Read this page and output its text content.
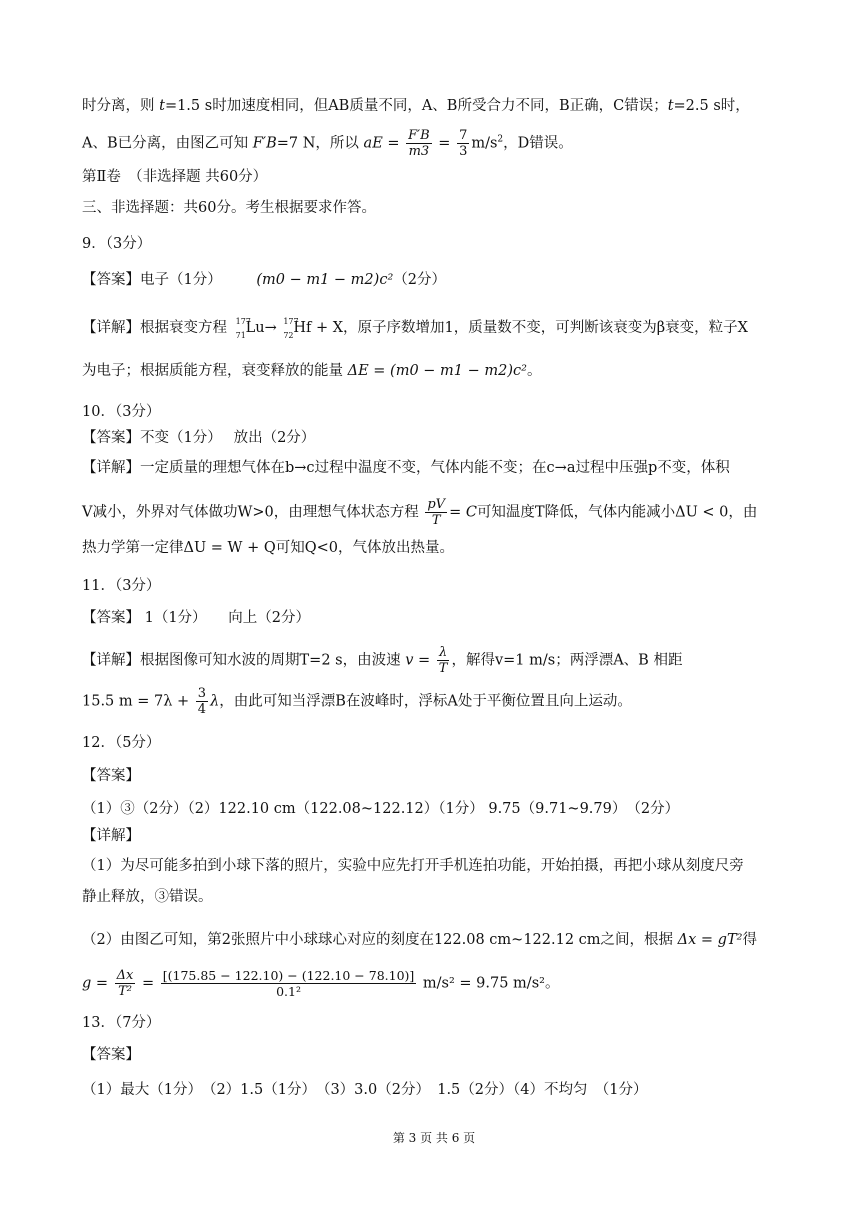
时分离，则 t=1.5 s时加速度相同，但AB质量不同，A、B所受合力不同，B正确，C错误；t=2.5 s时，
A、B已分离，由图乙可知 F′B=7 N，所以 aE = $\frac{F'B}{m3} = \frac{7}{3} m/s^2$，D错误。
第Ⅱ卷　（非选择题 共60分）
三、非选择题：共60分。考生根据要求作答。
9．（3分）
【答案】电子（1分） (m0 − m1 − m2)c²（2分）
【详解】根据衰变方程 177
71 Lu→ 177
72 Hf + X，原子序数增加1，质量数不变，可判断该衰变为β衰变，粒子X
为电子；根据质能方程，衰变释放的能量 ΔE = (m0 − m1 − m2)c²。
10．（3分）
【答案】不变（1分）　 放出（2分）
【详解】一定质量的理想气体在b→c过程中温度不变，气体内能不变；在c→a过程中压强p不变，体积
V减小，外界对气体做功W>0，由理想气体状态方程 $\frac{pV}{T} = C$可知温度T降低，气体内能减小ΔU < 0，由
热力学第一定律ΔU = W + Q可知Q<0，气体放出热量。
11．（3分）
【答案】 1（1分）　　向上（2分）
【详解】根据图像可知水波的周期T=2 s，由波速 $v = \frac{\lambda}{T}$ ，解得v=1 m/s；两浮漂A、B 相距
15.5 $m = 7\lambda + \frac{3}{4}$ λ，由此可知当浮漂B在波峰时，浮标A处于平衡位置且向上运动。
12．（5分）
【答案】
（1）③（2分）（2）122.10 cm（122.08~122.12）（1分） 9.75（9.71~9.79）　（2分）
【详解】
（1）为尽可能多拍到小球下落的照片，实验中应先打开手机连拍功能，开始拍摄，再把小球从刻度尺旁
静止释放，③错误。
（2）由图乙可知，第2张照片中小球球心对应的刻度在122.08 cm~122.12 cm之间，根据 Δx = gT²得
$g = \frac{\Delta x}{\text{T²}} = \frac{[(175.85 - 122.10) - (122.10 - 78.10)]}{\text{0.1²}} m/s^2 = 9.75$ m/s²。
13．（7分）
【答案】
（1）最大（1分）　（2）1.5（1分）　（3）3.0（2分）　1.5（2分）（4）不均匀　（1分）
第 3 页 共 6 页
